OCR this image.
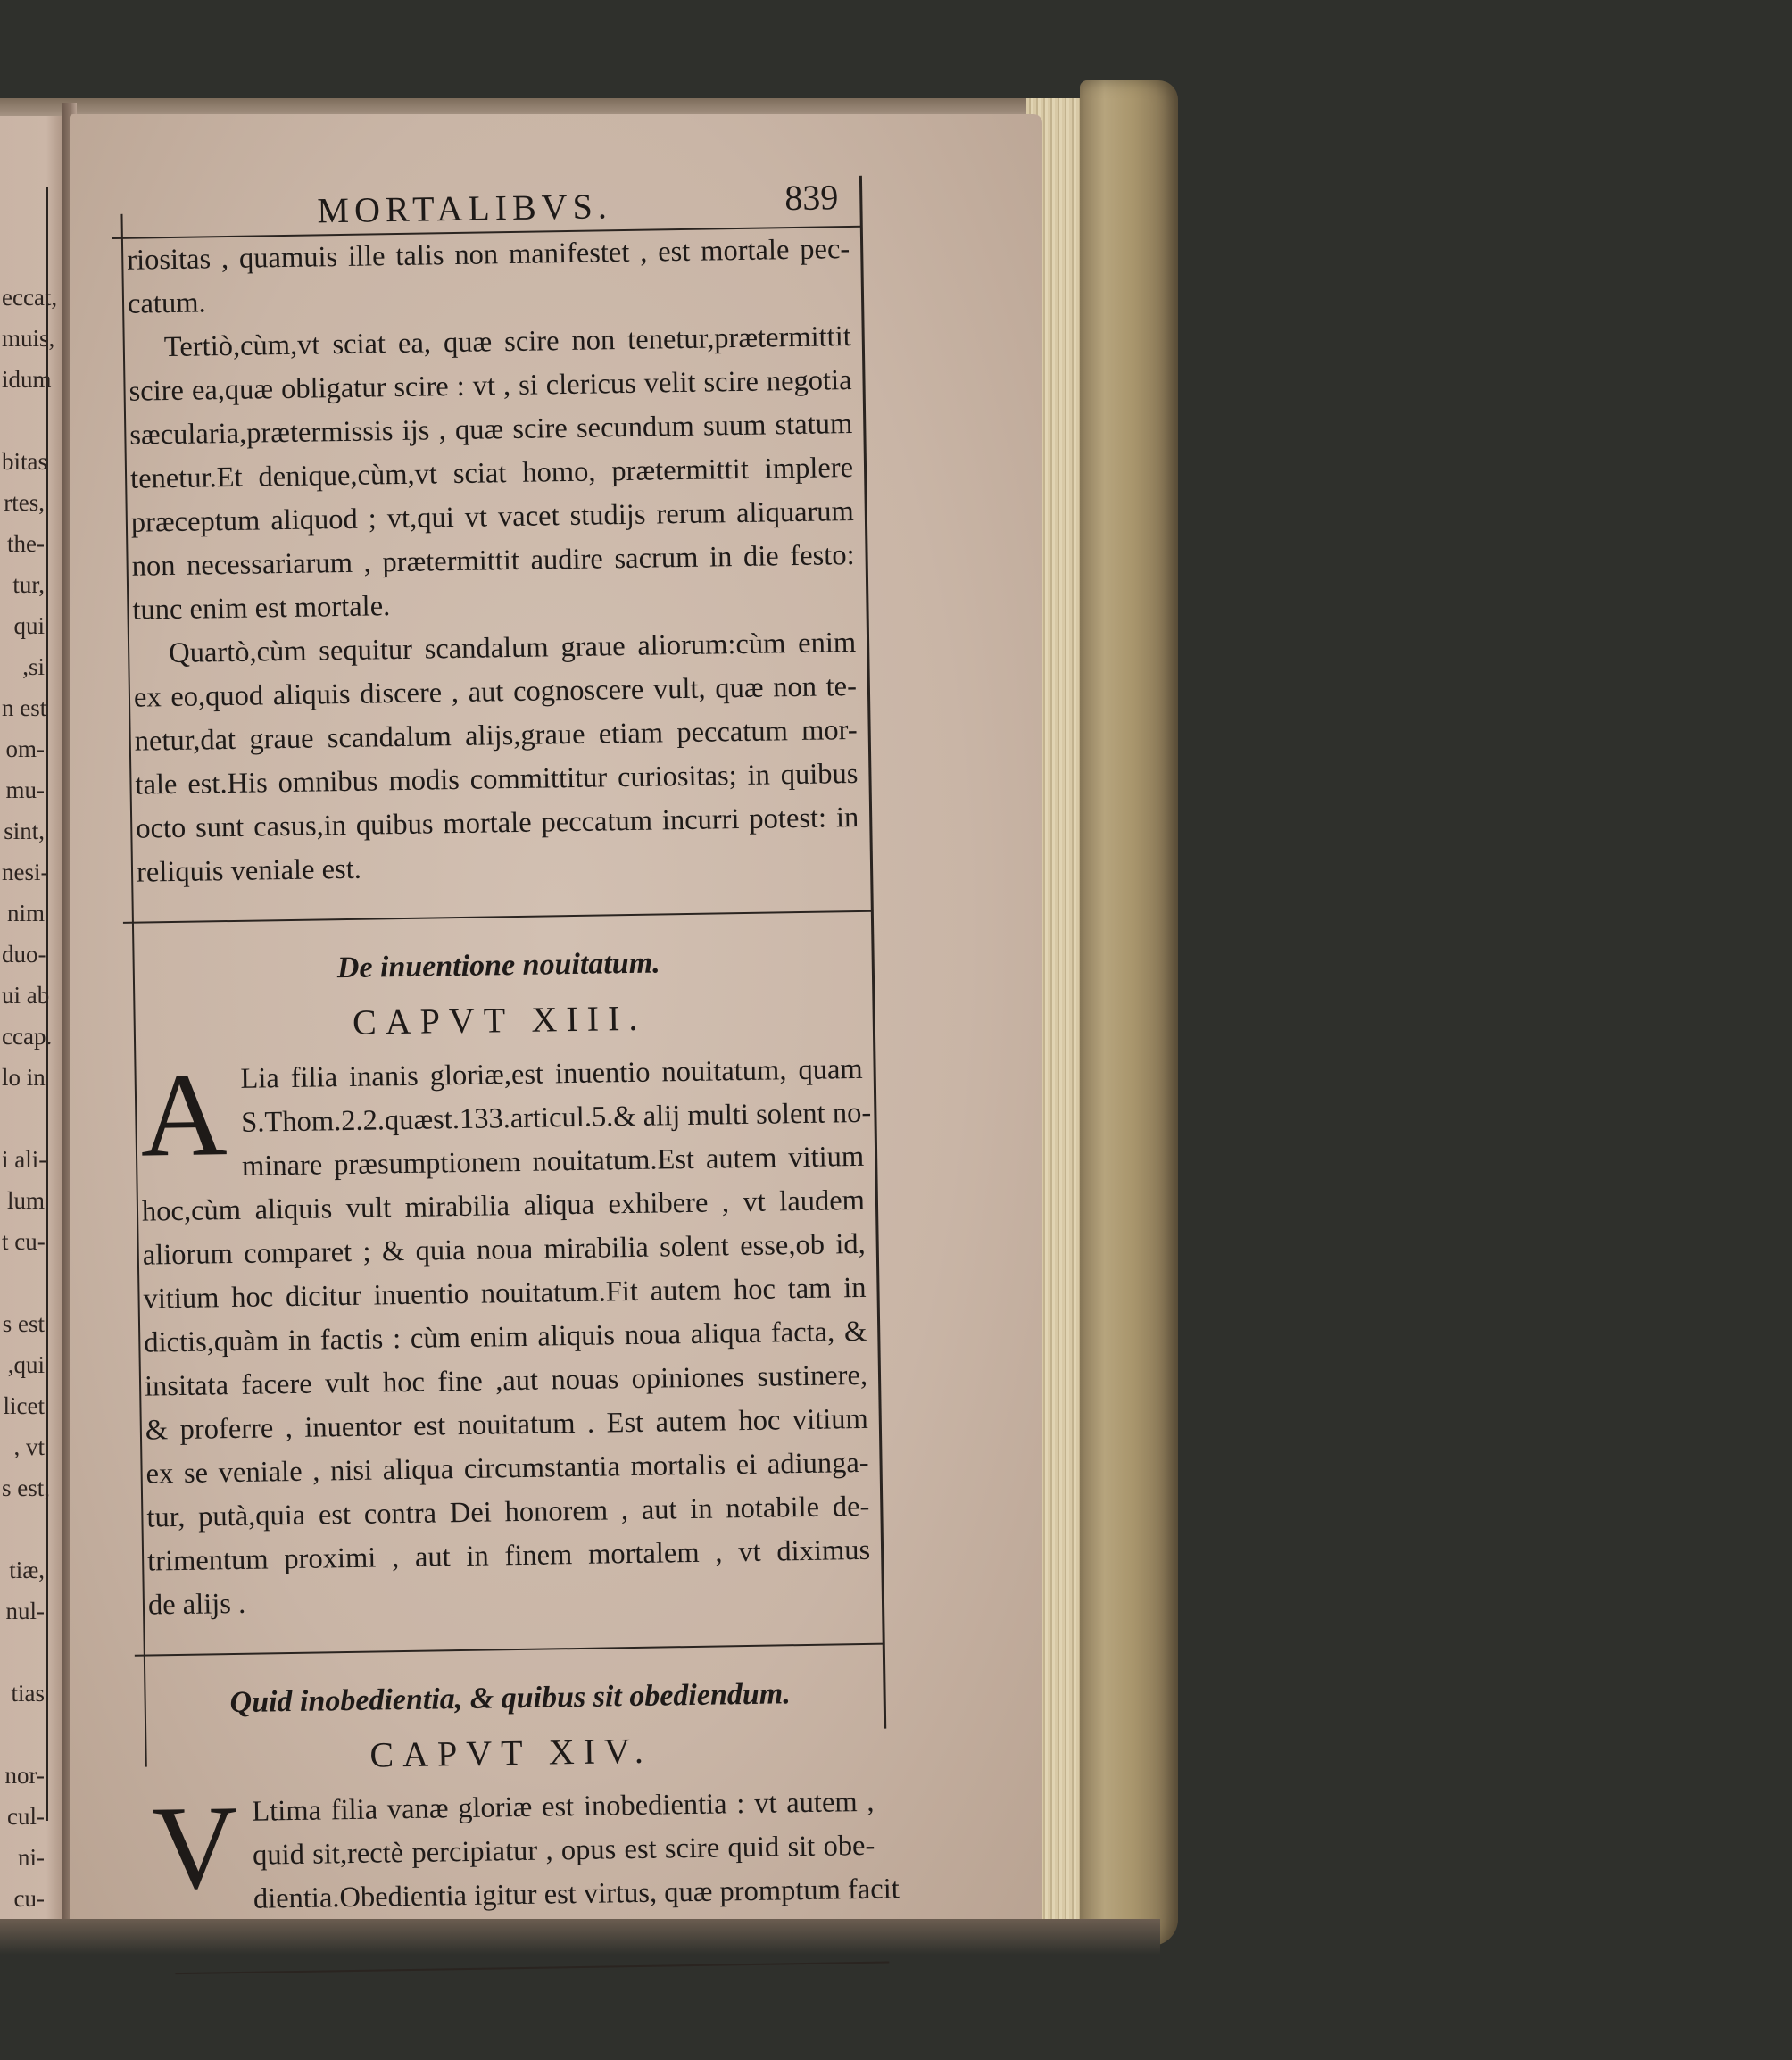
eccat,
muis,
idum
bitas
rtes,
the-
tur,
qui
,si
n est
om-
mu-
sint,
nesi-
nim
duo-
ui ab
ccap.
lo in
i ali-
lum
t cu-
s est
,qui
licet
, vt
s est,
tiæ,
nul-
tias
nor-
cul-
ni-
cu-
MORTALIBVS.	839
riositas , quamuis ille talis non manifestet , est mortale pec-
catum.
Tertiò,cùm,vt sciat ea, quæ scire non tenetur,prætermittit
scire ea,quæ obligatur scire : vt , si clericus velit scire negotia
sæcularia,prætermissis ijs , quæ scire secundum suum statum
tenetur.Et denique,cùm,vt sciat homo, prætermittit implere
præceptum aliquod ; vt,qui vt vacet studijs rerum aliquarum
non necessariarum , prætermittit audire sacrum in die festo:
tunc enim est mortale.
Quartò,cùm sequitur scandalum graue aliorum:cùm enim
ex eo,quod aliquis discere , aut cognoscere vult, quæ non te-
netur,dat graue scandalum alijs,graue etiam peccatum mor-
tale est.His omnibus modis committitur curiositas; in quibus
octo sunt casus,in quibus mortale peccatum incurri potest: in
reliquis veniale est.
De inuentione nouitatum.
CAPVT XIII.
A Lia filia inanis gloriæ,est inuentio nouitatum, quam
S.Thom.2.2.quæst.133.articul.5.& alij multi solent no-
minare præsumptionem nouitatum.Est autem vitium
hoc,cùm aliquis vult mirabilia aliqua exhibere , vt laudem
aliorum comparet ; & quia noua mirabilia solent esse,ob id,
vitium hoc dicitur inuentio nouitatum.Fit autem hoc tam in
dictis,quàm in factis : cùm enim aliquis noua aliqua facta, &
insitata facere vult hoc fine ,aut nouas opiniones sustinere,
& proferre , inuentor est nouitatum . Est autem hoc vitium
ex se veniale , nisi aliqua circumstantia mortalis ei adiunga-
tur, putà,quia est contra Dei honorem , aut in notabile de-
trimentum proximi , aut in finem mortalem , vt diximus
de alijs .
Quid inobedientia, & quibus sit obediendum.
CAPVT XIV.
V Ltima filia vanæ gloriæ est inobedientia : vt autem ,
quid sit,rectè percipiatur , opus est scire quid sit obe-
dientia.Obedientia igitur est virtus, quæ promptum facit
